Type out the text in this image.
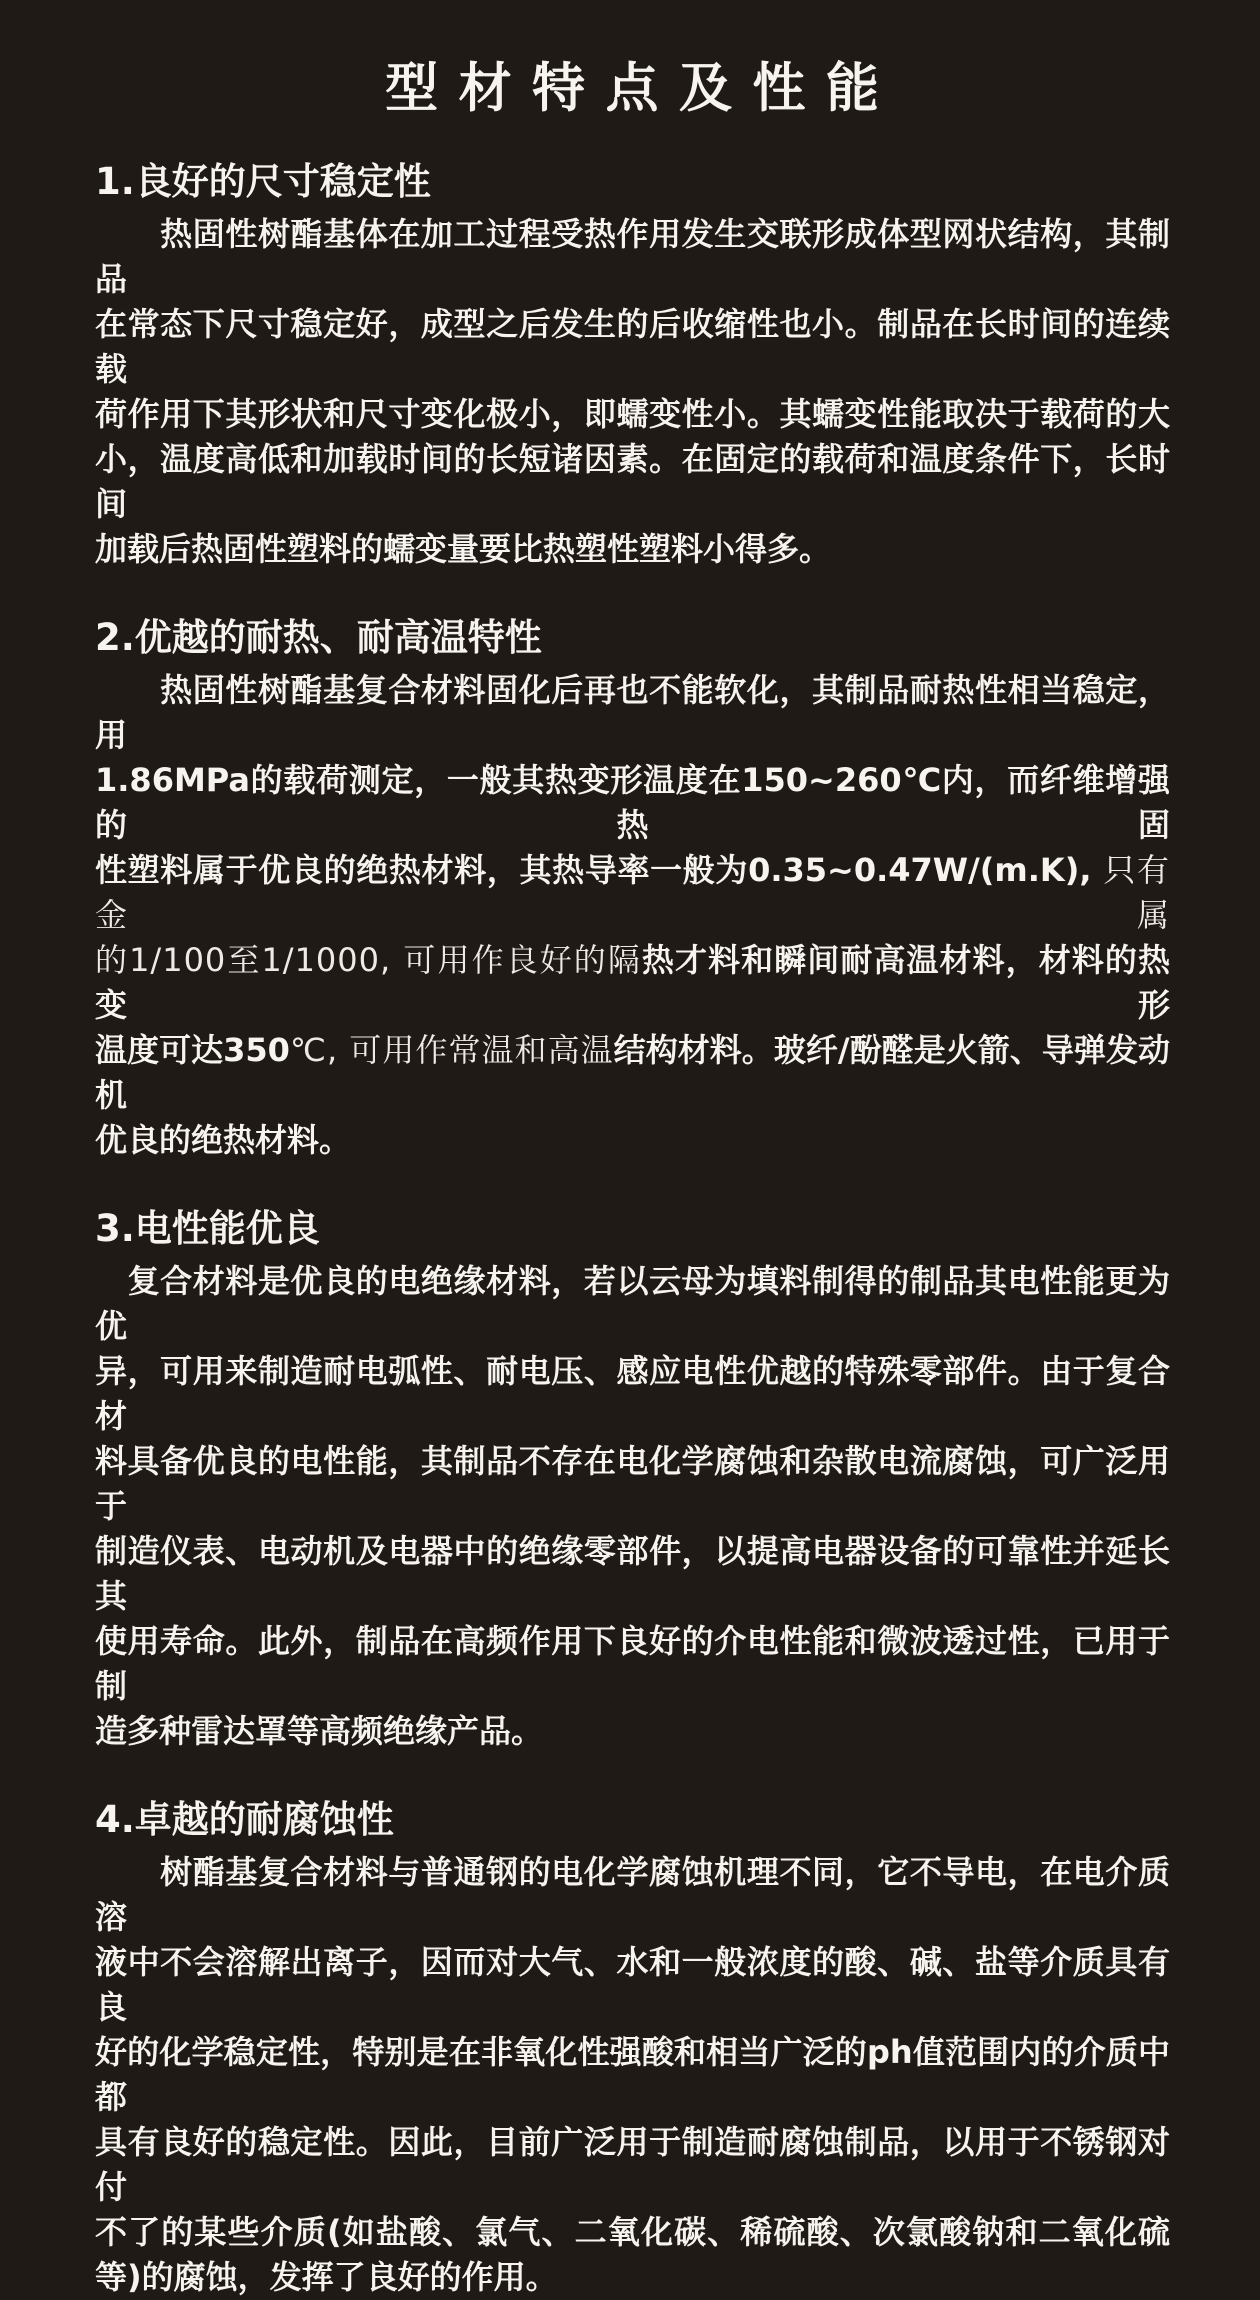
型 材 特 点 及 性 能
1.良好的尺寸稳定性
　　热固性树酯基体在加工过程受热作用发生交联形成体型网状结构，其制品
在常态下尺寸稳定好，成型之后发生的后收缩性也小。制品在长时间的连续载
荷作用下其形状和尺寸变化极小，即蠕变性小。其蠕变性能取决于载荷的大
小，温度高低和加载时间的长短诸因素。在固定的载荷和温度条件下，长时间
加载后热固性塑料的蠕变量要比热塑性塑料小得多。
2.优越的耐热、耐高温特性
　　热固性树酯基复合材料固化后再也不能软化，其制品耐热性相当稳定，用
1.86MPa的载荷测定，一般其热变形温度在150~260℃内，而纤维增强的热固
性塑料属于优良的绝热材料，其热导率一般为0.35~0.47W/(m.K), 只有金属
的1/100至1/1000, 可用作良好的隔热才料和瞬间耐高温材料，材料的热变形
温度可达350℃, 可用作常温和高温结构材料。玻纤/酚醛是火箭、导弹发动机
优良的绝热材料。
3.电性能优良
　复合材料是优良的电绝缘材料，若以云母为填料制得的制品其电性能更为优
异，可用来制造耐电弧性、耐电压、感应电性优越的特殊零部件。由于复合材
料具备优良的电性能，其制品不存在电化学腐蚀和杂散电流腐蚀，可广泛用于
制造仪表、电动机及电器中的绝缘零部件，以提高电器设备的可靠性并延长其
使用寿命。此外，制品在高频作用下良好的介电性能和微波透过性，已用于制
造多种雷达罩等高频绝缘产品。
4.卓越的耐腐蚀性
　　树酯基复合材料与普通钢的电化学腐蚀机理不同，它不导电，在电介质溶
液中不会溶解出离子，因而对大气、水和一般浓度的酸、碱、盐等介质具有良
好的化学稳定性，特别是在非氧化性强酸和相当广泛的ph值范围内的介质中都
具有良好的稳定性。因此，目前广泛用于制造耐腐蚀制品，以用于不锈钢对付
不了的某些介质(如盐酸、氯气、二氧化碳、稀硫酸、次氯酸钠和二氧化硫
等)的腐蚀，发挥了良好的作用。
